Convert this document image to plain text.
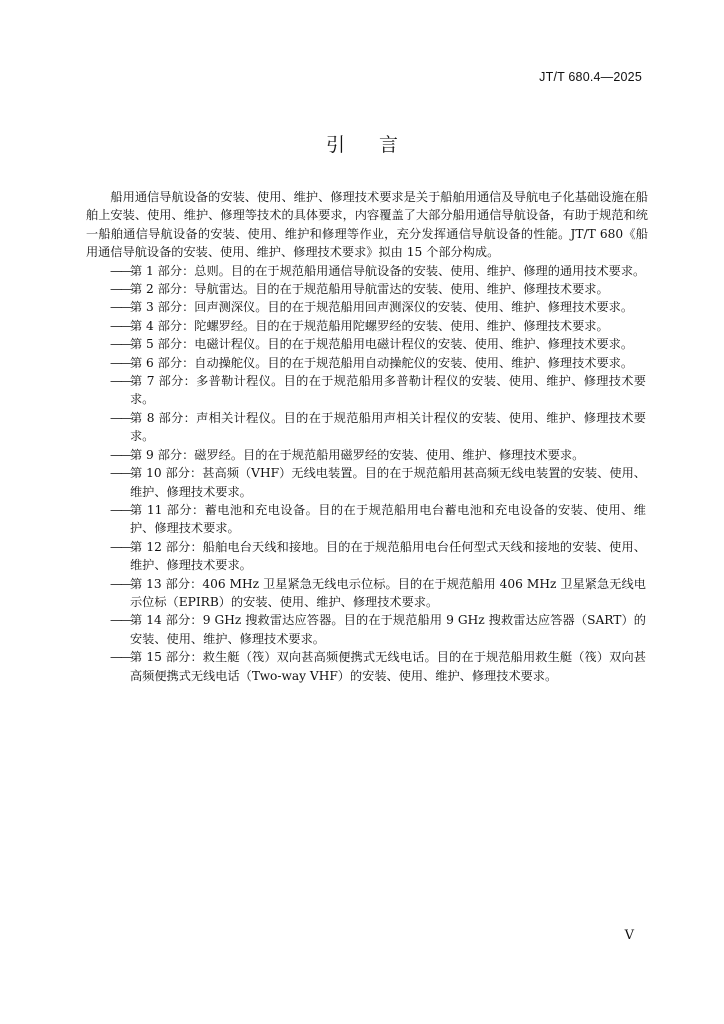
JT/T 680.4—2025
引 言

船用通信导航设备的安装、使用、维护、修理技术要求是关于船舶用通信及导航电子化基础设施在船舶上安装、使用、维护、修理等技术的具体要求，内容覆盖了大部分船用通信导航设备，有助于规范和统一船舶通信导航设备的安装、使用、维护和修理等作业，充分发挥通信导航设备的性能。JT/T 680《船用通信导航设备的安装、使用、维护、修理技术要求》拟由 15 个部分构成。

—— 第 1 部分：总则。目的在于规范船用通信导航设备的安装、使用、维护、修理的通用技术要求。
—— 第 2 部分：导航雷达。目的在于规范船用导航雷达的安装、使用、维护、修理技术要求。
—— 第 3 部分：回声测深仪。目的在于规范船用回声测深仪的安装、使用、维护、修理技术要求。
—— 第 4 部分：陀螺罗经。目的在于规范船用陀螺罗经的安装、使用、维护、修理技术要求。
—— 第 5 部分：电磁计程仪。目的在于规范船用电磁计程仪的安装、使用、维护、修理技术要求。
—— 第 6 部分：自动操舵仪。目的在于规范船用自动操舵仪的安装、使用、维护、修理技术要求。
—— 第 7 部分：多普勒计程仪。目的在于规范船用多普勒计程仪的安装、使用、维护、修理技术要求。
—— 第 8 部分：声相关计程仪。目的在于规范船用声相关计程仪的安装、使用、维护、修理技术要求。
—— 第 9 部分：磁罗经。目的在于规范船用磁罗经的安装、使用、维护、修理技术要求。
—— 第 10 部分：甚高频（VHF）无线电装置。目的在于规范船用甚高频无线电装置的安装、使用、维护、修理技术要求。
—— 第 11 部分：蓄电池和充电设备。目的在于规范船用电台蓄电池和充电设备的安装、使用、维护、修理技术要求。
—— 第 12 部分：船舶电台天线和接地。目的在于规范船用电台任何型式天线和接地的安装、使用、维护、修理技术要求。
—— 第 13 部分：406 MHz 卫星紧急无线电示位标。目的在于规范船用 406 MHz 卫星紧急无线电示位标（EPIRB）的安装、使用、维护、修理技术要求。
—— 第 14 部分：9 GHz 搜救雷达应答器。目的在于规范船用 9 GHz 搜救雷达应答器（SART）的安装、使用、维护、修理技术要求。
—— 第 15 部分：救生艇（筏）双向甚高频便携式无线电话。目的在于规范船用救生艇（筏）双向甚高频便携式无线电话（Two-way VHF）的安装、使用、维护、修理技术要求。
V
